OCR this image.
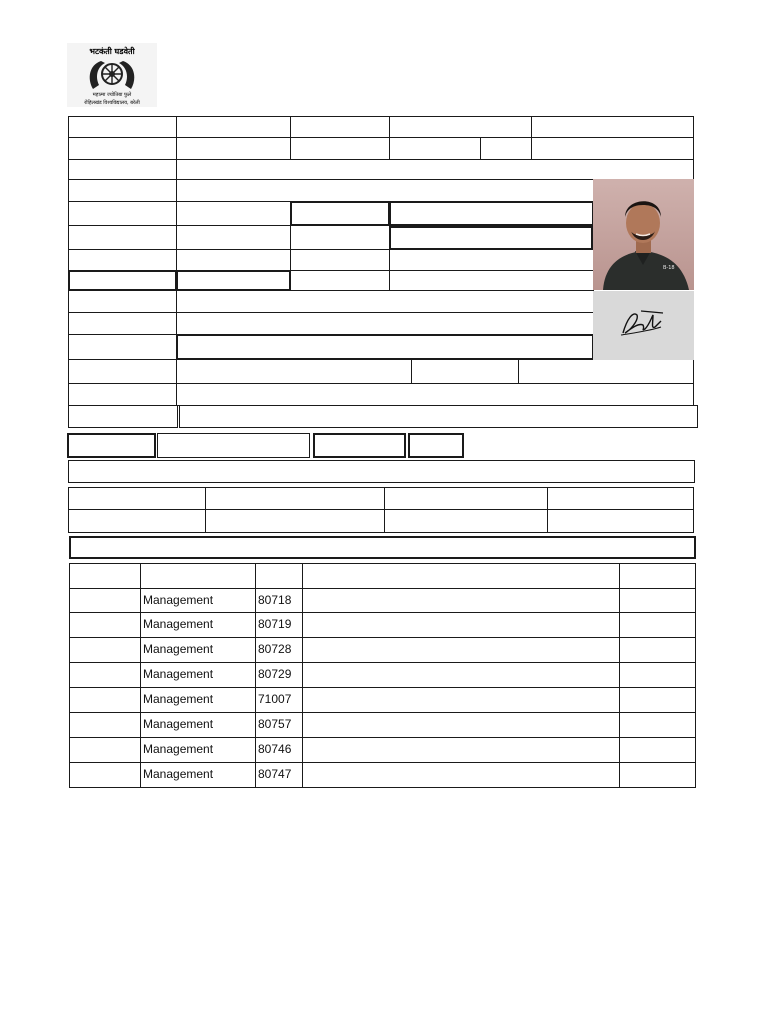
भटकंती घडवेती
महात्मा ज्योतिबा फुले
रोहिलखंड विश्वविद्यालय, बरेली
B-18
Management	80718
Management	80719
Management	80728
Management	80729
Management	71007
Management	80757
Management	80746
Management	80747
